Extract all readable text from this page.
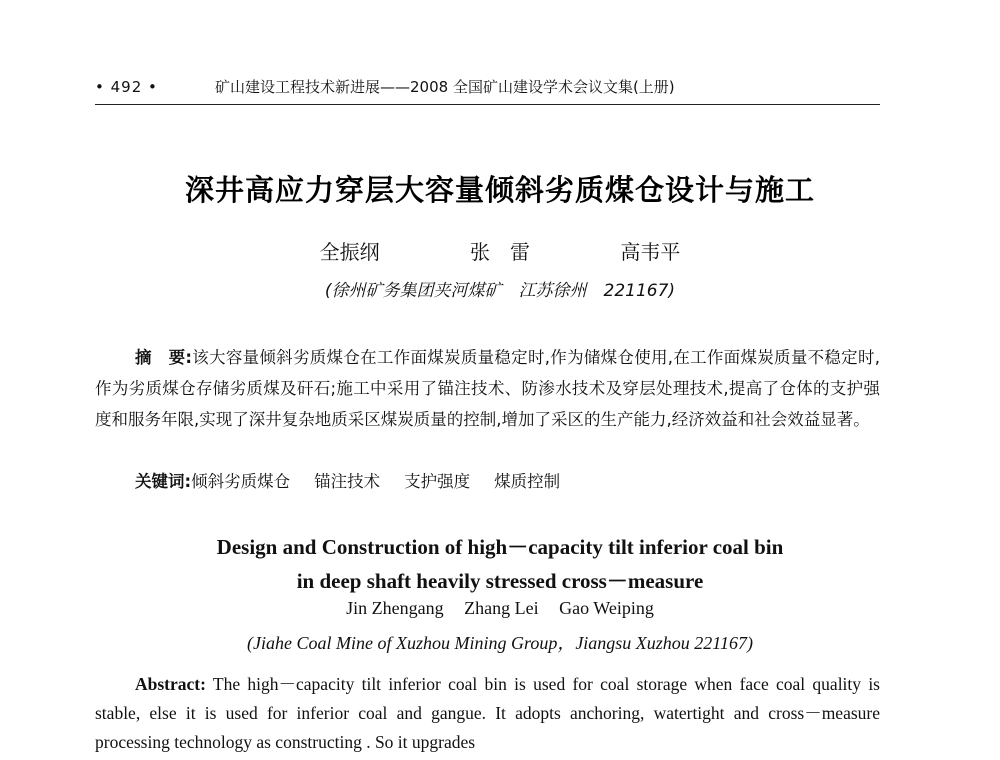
• 492 •	矿山建设工程技术新进展——2008 全国矿山建设学术会议文集(上册)
深井高应力穿层大容量倾斜劣质煤仓设计与施工
全振纲	张　雷	高韦平
(徐州矿务集团夹河煤矿　江苏徐州　221167)
摘　要:该大容量倾斜劣质煤仓在工作面煤炭质量稳定时,作为储煤仓使用,在工作面煤炭质量不稳定时,作为劣质煤仓存储劣质煤及矸石;施工中采用了锚注技术、防渗水技术及穿层处理技术,提高了仓体的支护强度和服务年限,实现了深井复杂地质采区煤炭质量的控制,增加了采区的生产能力,经济效益和社会效益显著。
关键词:倾斜劣质煤仓 锚注技术 支护强度 煤质控制
Design and Construction of high－capacity tilt inferior coal bin
in deep shaft heavily stressed cross－measure
Jin Zhengang Zhang Lei Gao Weiping
(Jiahe Coal Mine of Xuzhou Mining Group，Jiangsu Xuzhou 221167)
Abstract: The high－capacity tilt inferior coal bin is used for coal storage when face coal quality is stable, else it is used for inferior coal and gangue. It adopts anchoring, watertight and cross－measure processing technology as constructing . So it upgrades
